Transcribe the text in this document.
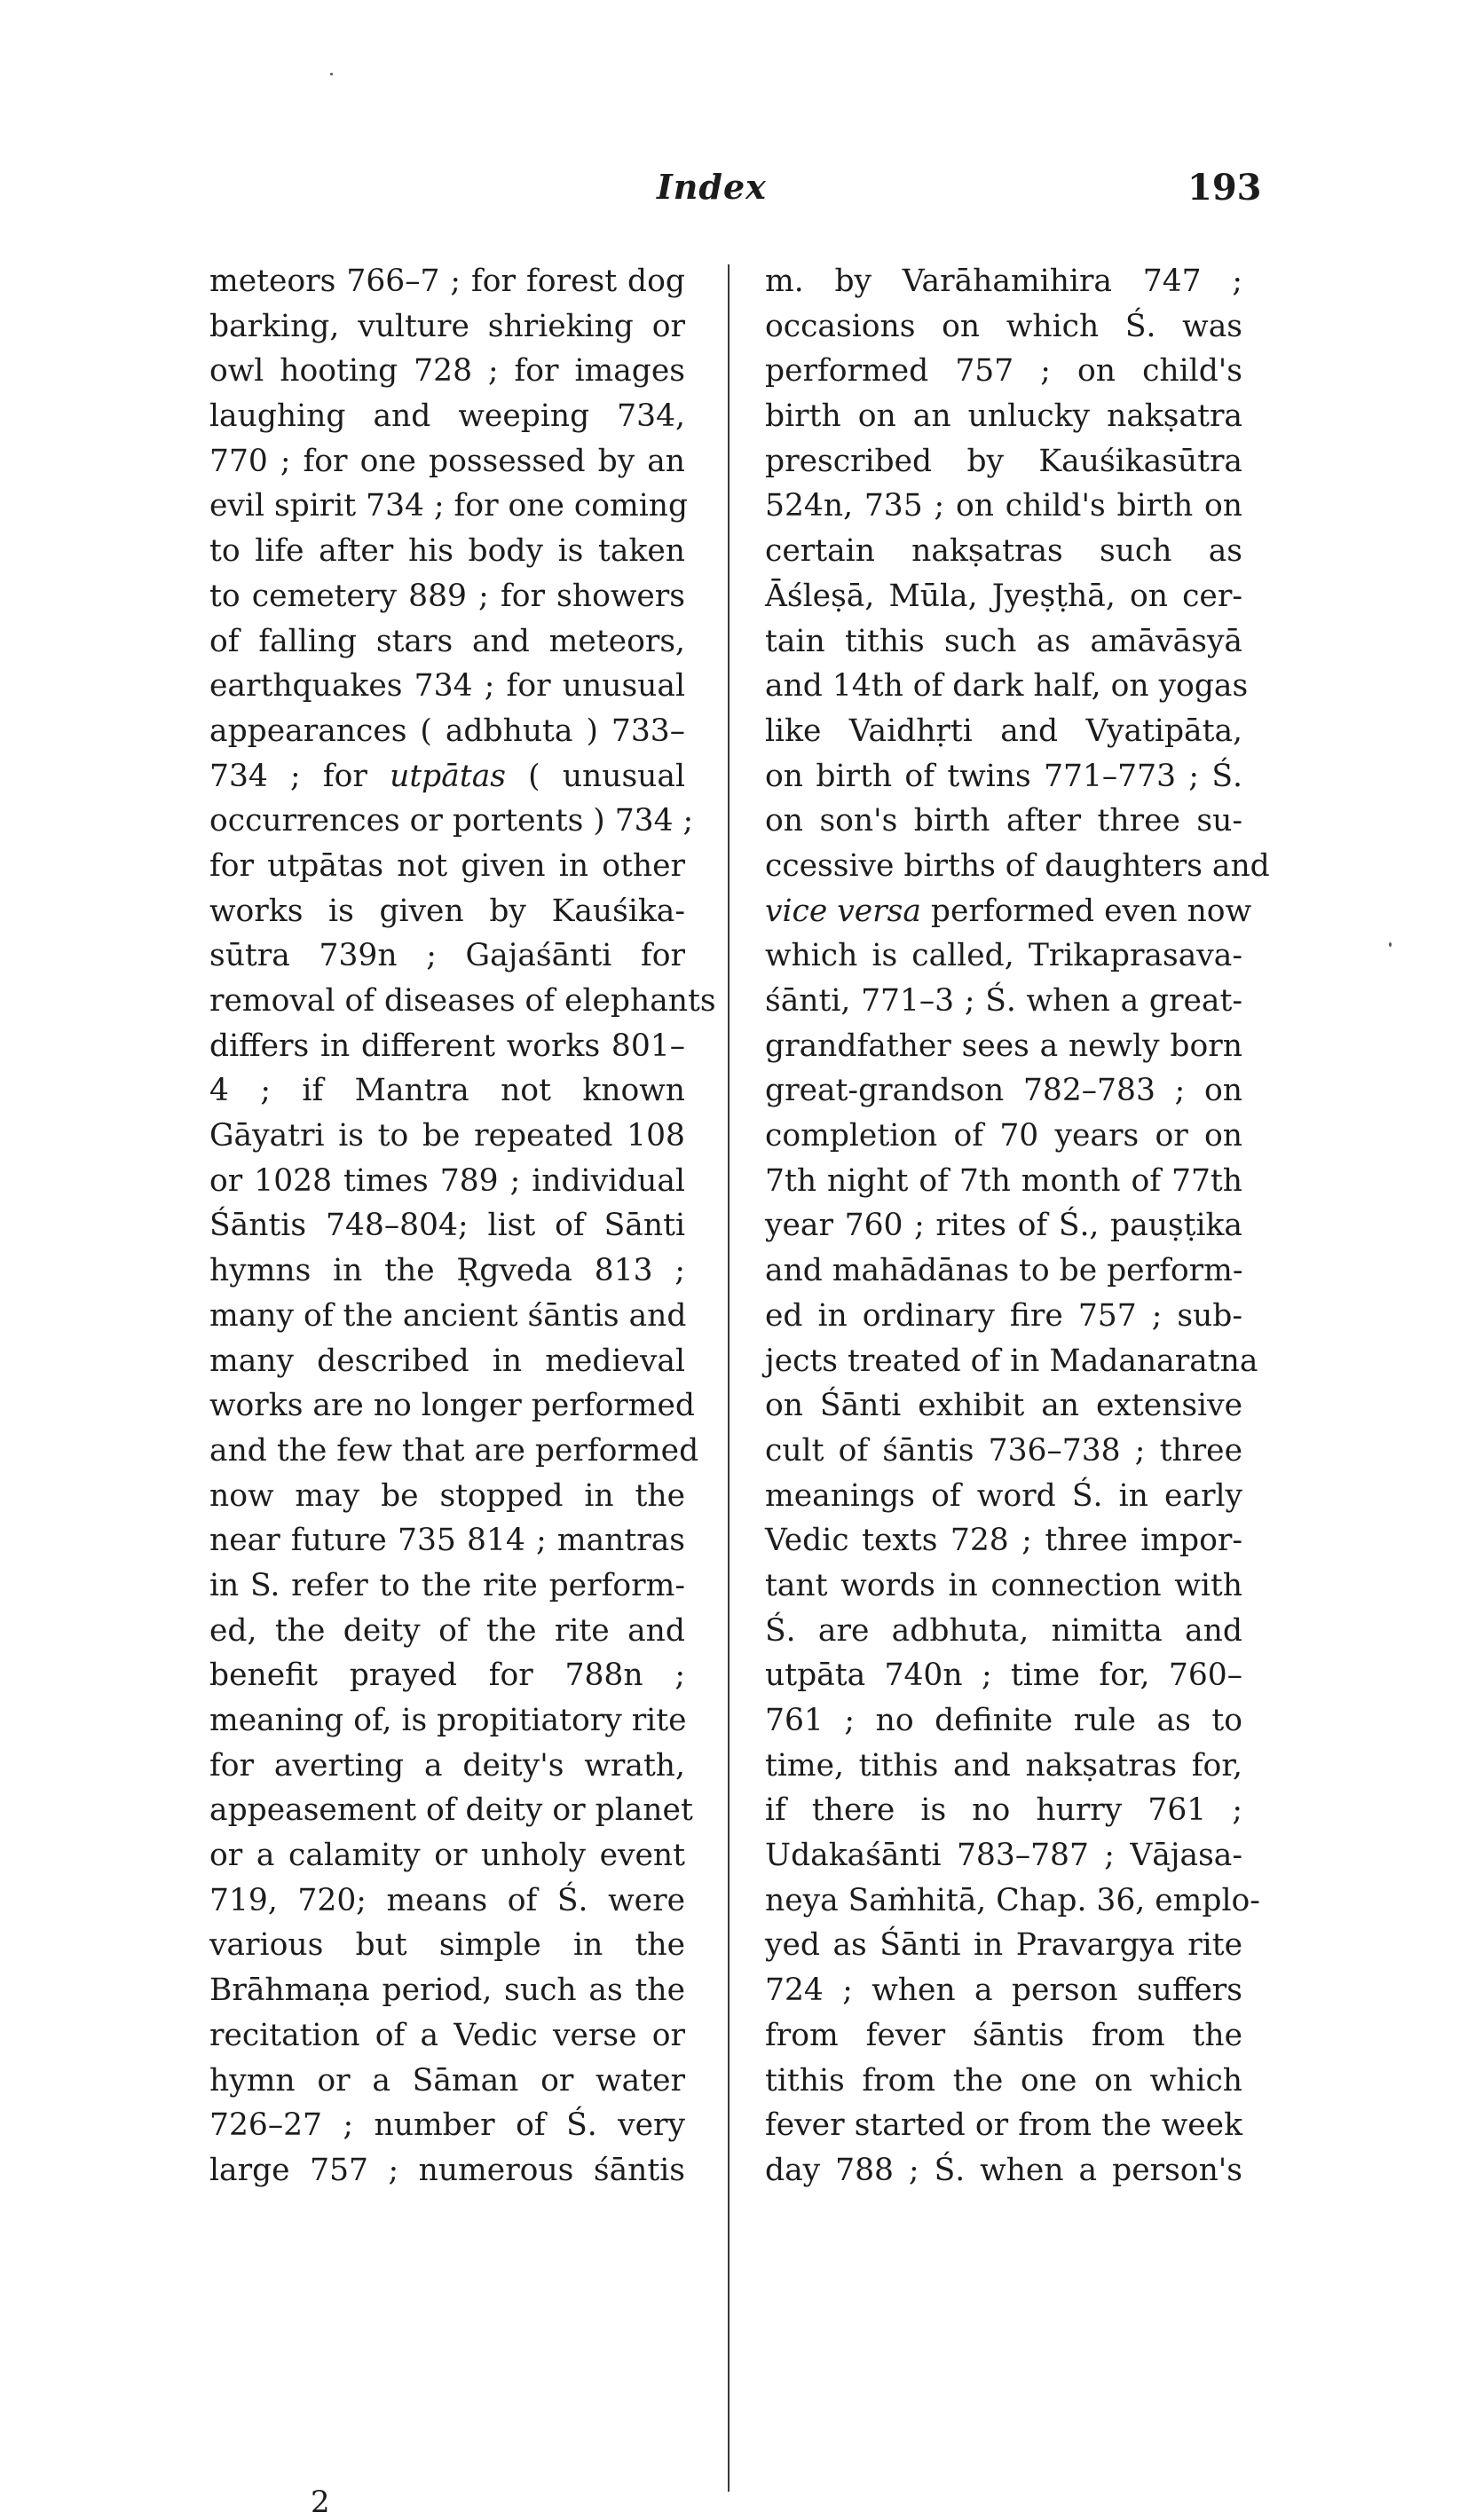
Index	193
meteors 766–7 ; for forest dog
barking, vulture shrieking or
owl hooting 728 ; for images
laughing and weeping 734,
770 ; for one possessed by an
evil spirit 734 ; for one coming
to life after his body is taken
to cemetery 889 ; for showers
of falling stars and meteors,
earthquakes 734 ; for unusual
appearances ( adbhuta ) 733–
734 ; for utpātas ( unusual
occurrences or portents ) 734 ;
for utpātas not given in other
works is given by Kauśika-
sūtra 739n ; Gajaśānti for
removal of diseases of elephants
differs in different works 801–
4 ; if Mantra not known
Gāyatri is to be repeated 108
or 1028 times 789 ; individual
Śāntis 748–804; list of Sānti
hymns in the Ṛgveda 813 ;
many of the ancient śāntis and
many described in medieval
works are no longer performed
and the few that are performed
now may be stopped in the
near future 735 814 ; mantras
in S. refer to the rite perform-
ed, the deity of the rite and
benefit prayed for 788n ;
meaning of, is propitiatory rite
for averting a deity's wrath,
appeasement of deity or planet
or a calamity or unholy event
719, 720; means of Ś. were
various but simple in the
Brāhmaṇa period, such as the
recitation of a Vedic verse or
hymn or a Sāman or water
726–27 ; number of Ś. very
large 757 ; numerous śāntis
m. by Varāhamihira 747 ;
occasions on which Ś. was
performed 757 ; on child's
birth on an unlucky nakṣatra
prescribed by Kauśikasūtra
524n, 735 ; on child's birth on
certain nakṣatras such as
Āśleṣā, Mūla, Jyeṣṭhā, on cer-
tain tithis such as amāvāsyā
and 14th of dark half, on yogas
like Vaidhṛti and Vyatipāta,
on birth of twins 771–773 ; Ś.
on son's birth after three su-
ccessive births of daughters and
vice versa performed even now
which is called, Trikaprasava-
śānti, 771–3 ; Ś. when a great-
grandfather sees a newly born
great-grandson 782–783 ; on
completion of 70 years or on
7th night of 7th month of 77th
year 760 ; rites of Ś., pauṣṭika
and mahādānas to be perform-
ed in ordinary fire 757 ; sub-
jects treated of in Madanaratna
on Śānti exhibit an extensive
cult of śāntis 736–738 ; three
meanings of word Ś. in early
Vedic texts 728 ; three impor-
tant words in connection with
Ś. are adbhuta, nimitta and
utpāta 740n ; time for, 760–
761 ; no definite rule as to
time, tithis and nakṣatras for,
if there is no hurry 761 ;
Udakaśānti 783–787 ; Vājasa-
neya Saṁhitā, Chap. 36, emplo-
yed as Śānti in Pravargya rite
724 ; when a person suffers
from fever śāntis from the
tithis from the one on which
fever started or from the week
day 788 ; Ś. when a person's
2
